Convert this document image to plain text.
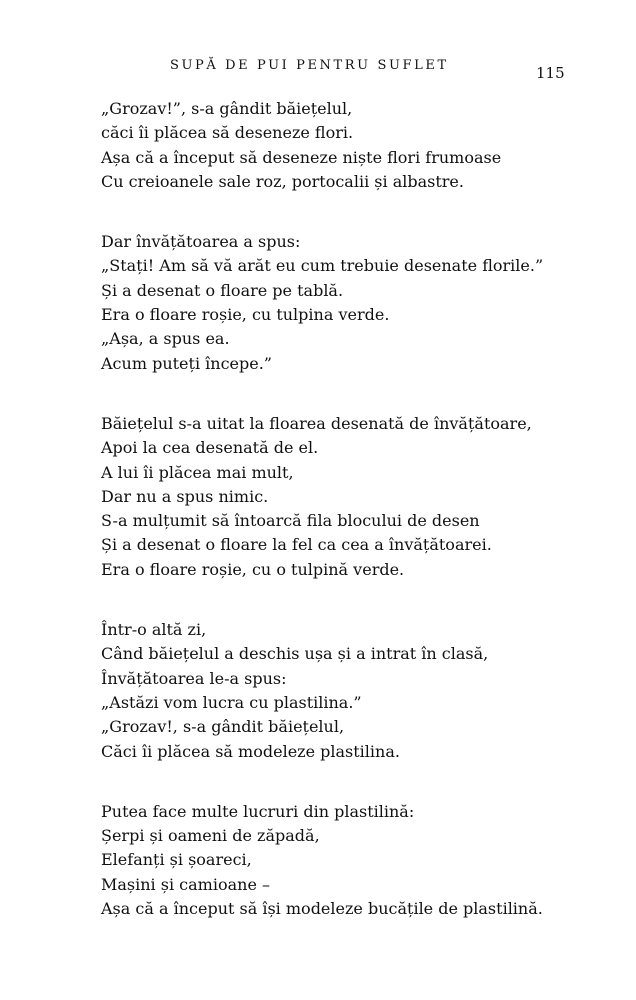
SUPĂ DE PUI PENTRU SUFLET	115

„Grozav!”, s-a gândit băiețelul,
căci îi plăcea să deseneze flori.
Așa că a început să deseneze niște flori frumoase
Cu creioanele sale roz, portocalii și albastre.

Dar învățătoarea a spus:
„Stați! Am să vă arăt eu cum trebuie desenate florile.”
Și a desenat o floare pe tablă.
Era o floare roșie, cu tulpina verde.
„Așa, a spus ea.
Acum puteți începe.”

Băiețelul s-a uitat la floarea desenată de învățătoare,
Apoi la cea desenată de el.
A lui îi plăcea mai mult,
Dar nu a spus nimic.
S-a mulțumit să întoarcă fila blocului de desen
Și a desenat o floare la fel ca cea a învățătoarei.
Era o floare roșie, cu o tulpină verde.

Într-o altă zi,
Când băiețelul a deschis ușa și a intrat în clasă,
Învățătoarea le-a spus:
„Astăzi vom lucra cu plastilina.”
„Grozav!, s-a gândit băiețelul,
Căci îi plăcea să modeleze plastilina.

Putea face multe lucruri din plastilină:
Șerpi și oameni de zăpadă,
Elefanți și șoareci,
Mașini și camioane –
Așa că a început să își modeleze bucățile de plastilină.
